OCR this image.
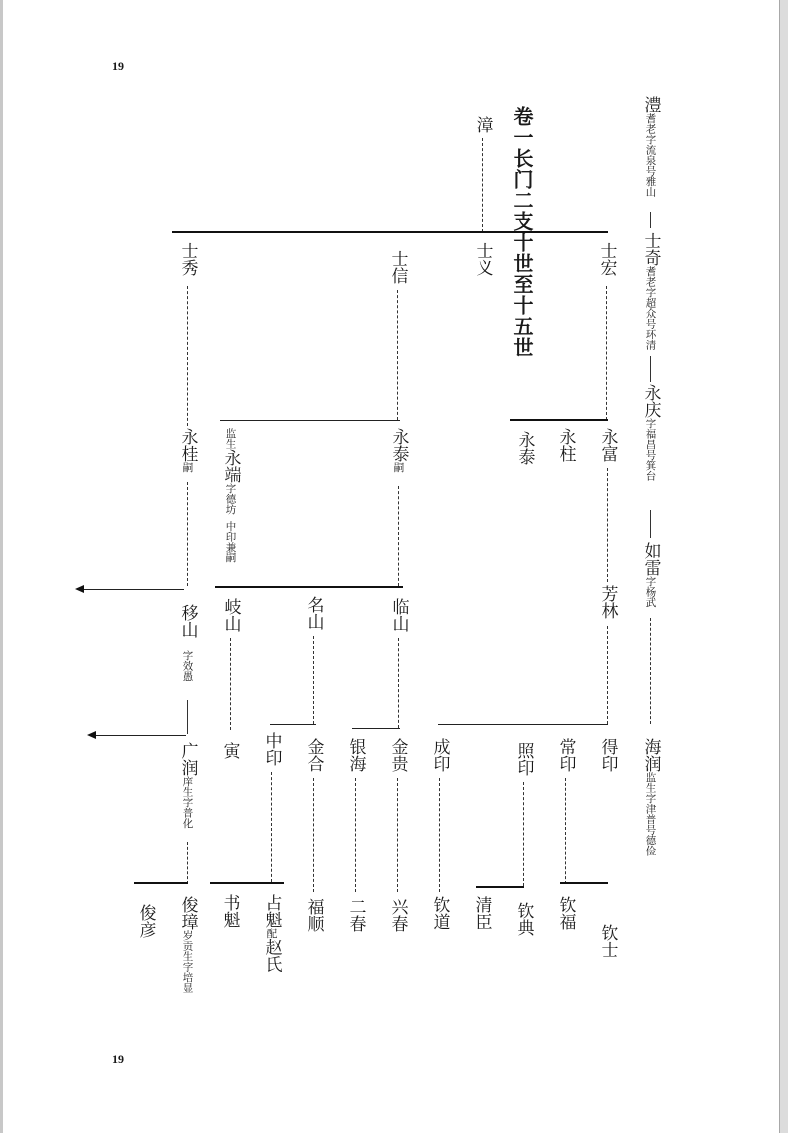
19
19
卷一长门二支十世至十五世
澧耆老字流泉号雅山
漳
士奇耆老字超众号环清
士宏
士义
士信
士秀
永庆字福昌号箕台
永富
永柱
永泰
永泰嗣
监生永端字德坊中印兼嗣
永桂嗣
如雷字杨武
芳林
临山
名山
岐山
移山字效愚
海润监生字津普号德俭
得印
常印
照印
成印
金贵
银海
金合
中印
寅
广润庠生字普化
钦士
钦福
钦典
清臣
钦道
兴春
二春
福顺
占魁配赵氏
书魁
俊璋岁贡生字培显
俊彦
